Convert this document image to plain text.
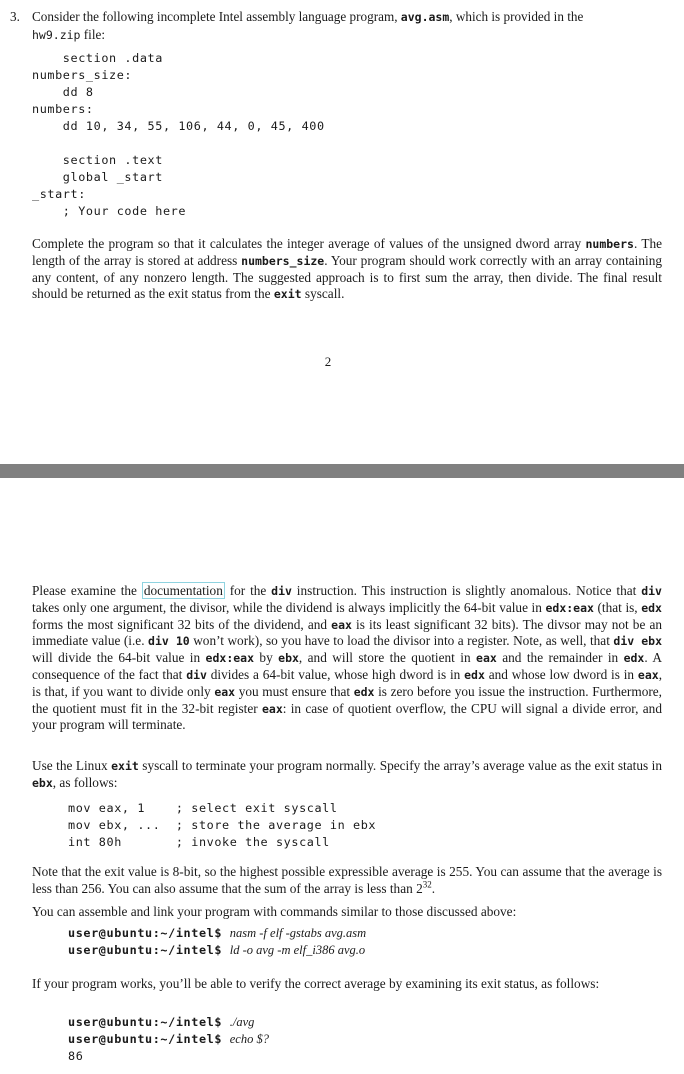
3. Consider the following incomplete Intel assembly language program, avg.asm, which is provided in the
hw9.zip file:
section .data
numbers_size:
dd 8
numbers:
dd 10, 34, 55, 106, 44, 0, 45, 400

section .text
global _start
_start:
; Your code here
Complete the program so that it calculates the integer average of values of the unsigned dword array numbers. The length of the array is stored at address numbers_size. Your program should work correctly with an array containing any content, of any nonzero length. The suggested approach is to first sum the array, then divide. The final result should be returned as the exit status from the exit syscall.
2
Please examine the documentation for the div instruction. This instruction is slightly anomalous. Notice that div takes only one argument, the divisor, while the dividend is always implicitly the 64-bit value in edx:eax (that is, edx forms the most significant 32 bits of the dividend, and eax is its least significant 32 bits). The divsor may not be an immediate value (i.e. div 10 won’t work), so you have to load the divisor into a register. Note, as well, that div ebx will divide the 64-bit value in edx:eax by ebx, and will store the quotient in eax and the remainder in edx. A consequence of the fact that div divides a 64-bit value, whose high dword is in edx and whose low dword is in eax, is that, if you want to divide only eax you must ensure that edx is zero before you issue the instruction. Furthermore, the quotient must fit in the 32-bit register eax: in case of quotient overflow, the CPU will signal a divide error, and your program will terminate.
Use the Linux exit syscall to terminate your program normally. Specify the array’s average value as the exit status in ebx, as follows:
mov eax, 1    ; select exit syscall
mov ebx, ...  ; store the average in ebx
int 80h       ; invoke the syscall
Note that the exit value is 8-bit, so the highest possible expressible average is 255. You can assume that the average is less than 256. You can also assume that the sum of the array is less than $2^{32}$.
You can assemble and link your program with commands similar to those discussed above:
user@ubuntu:~/intel$ nasm -f elf -gstabs avg.asm
user@ubuntu:~/intel$ ld -o avg -m elf_i386 avg.o
If your program works, you’ll be able to verify the correct average by examining its exit status, as follows:
user@ubuntu:~/intel$ ./avg
user@ubuntu:~/intel$ echo $?
86
